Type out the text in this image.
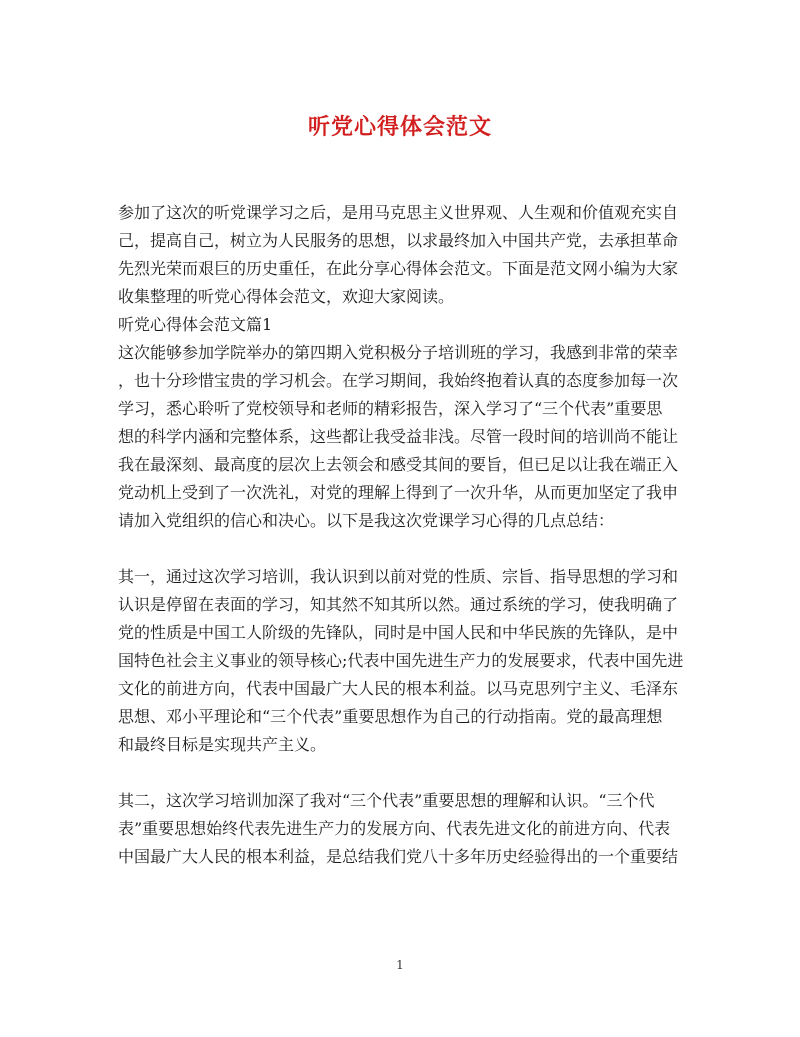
听党心得体会范文
参加了这次的听党课学习之后，是用马克思主义世界观、人生观和价值观充实自
己，提高自己，树立为人民服务的思想，以求最终加入中国共产党，去承担革命
先烈光荣而艰巨的历史重任，在此分享心得体会范文。下面是范文网小编为大家
收集整理的听党心得体会范文，欢迎大家阅读。
听党心得体会范文篇1
这次能够参加学院举办的第四期入党积极分子培训班的学习，我感到非常的荣幸
，也十分珍惜宝贵的学习机会。在学习期间，我始终抱着认真的态度参加每一次
学习，悉心聆听了党校领导和老师的精彩报告，深入学习了“三个代表”重要思
想的科学内涵和完整体系，这些都让我受益非浅。尽管一段时间的培训尚不能让
我在最深刻、最高度的层次上去领会和感受其间的要旨，但已足以让我在端正入
党动机上受到了一次洗礼，对党的理解上得到了一次升华，从而更加坚定了我申
请加入党组织的信心和决心。以下是我这次党课学习心得的几点总结：
其一，通过这次学习培训，我认识到以前对党的性质、宗旨、指导思想的学习和
认识是停留在表面的学习，知其然不知其所以然。通过系统的学习，使我明确了
党的性质是中国工人阶级的先锋队，同时是中国人民和中华民族的先锋队，是中
国特色社会主义事业的领导核心;代表中国先进生产力的发展要求，代表中国先进
文化的前进方向，代表中国最广大人民的根本利益。以马克思列宁主义、毛泽东
思想、邓小平理论和“三个代表”重要思想作为自己的行动指南。党的最高理想
和最终目标是实现共产主义。
其二，这次学习培训加深了我对“三个代表”重要思想的理解和认识。“三个代
表”重要思想始终代表先进生产力的发展方向、代表先进文化的前进方向、代表
中国最广大人民的根本利益，是总结我们党八十多年历史经验得出的一个重要结
1
